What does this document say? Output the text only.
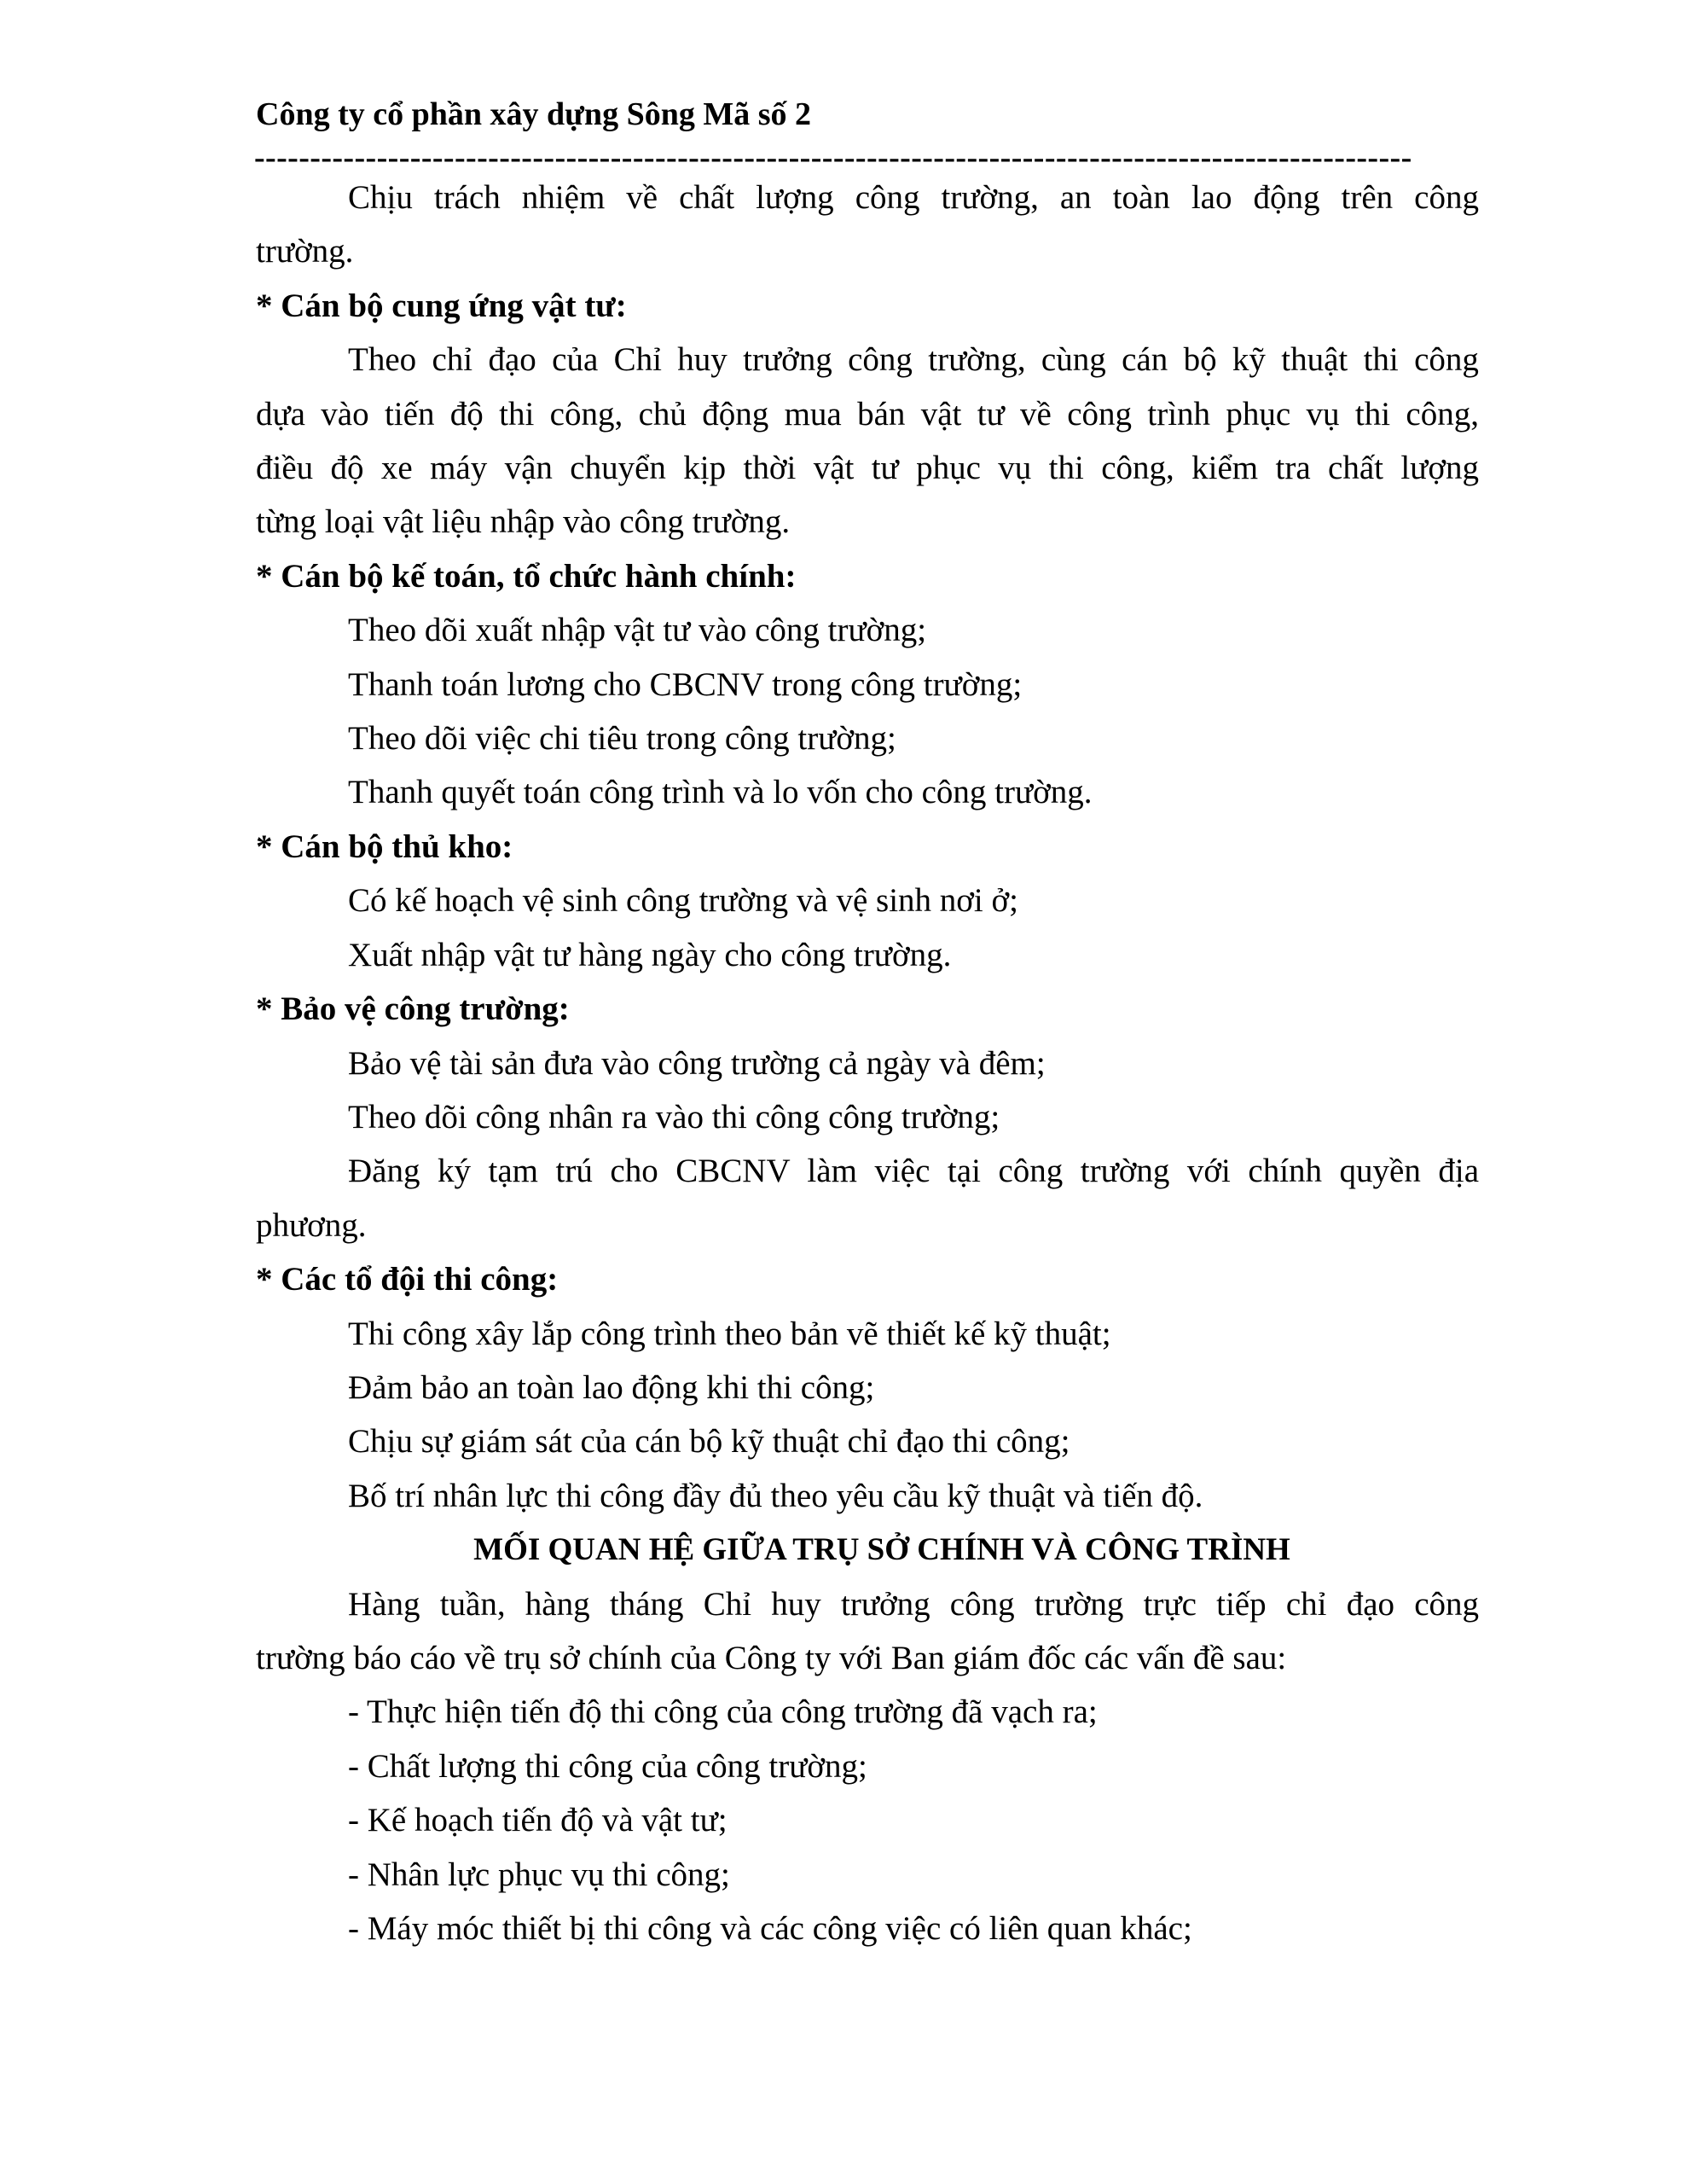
Công ty cổ phần xây dựng Sông Mã số 2
--------------------------------------------------------------------------------------------------------
Chịu trách nhiệm về chất lượng công trường, an toàn lao động trên công
trường.
* Cán bộ cung ứng vật tư:
Theo chỉ đạo của Chỉ huy trưởng công trường, cùng cán bộ kỹ thuật thi công
dựa vào tiến độ thi công, chủ động mua bán vật tư về công trình phục vụ thi công,
điều độ xe máy vận chuyển kịp thời vật tư phục vụ thi công, kiểm tra chất lượng
từng loại vật liệu nhập vào công trường.
* Cán bộ kế toán, tổ chức hành chính:
Theo dõi xuất nhập vật tư vào công trường;
Thanh toán lương cho CBCNV trong công trường;
Theo dõi việc chi tiêu trong công trường;
Thanh quyết toán công trình và lo vốn cho công trường.
* Cán bộ thủ kho:
Có kế hoạch vệ sinh công trường và vệ sinh nơi ở;
Xuất nhập vật tư hàng ngày cho công trường.
* Bảo vệ công trường:
Bảo vệ tài sản đưa vào công trường cả ngày và đêm;
Theo dõi công nhân ra vào thi công công trường;
Đăng ký tạm trú cho CBCNV làm việc tại công trường với chính quyền địa
phương.
* Các tổ đội thi công:
Thi công xây lắp công trình theo bản vẽ thiết kế kỹ thuật;
Đảm bảo an toàn lao động khi thi công;
Chịu sự giám sát của cán bộ kỹ thuật chỉ đạo thi công;
Bố trí nhân lực thi công đầy đủ theo yêu cầu kỹ thuật và tiến độ.
MỐI QUAN HỆ GIỮA TRỤ SỞ CHÍNH VÀ CÔNG TRÌNH
Hàng tuần, hàng tháng Chỉ huy trưởng công trường trực tiếp chỉ đạo công
trường báo cáo về trụ sở chính của Công ty với Ban giám đốc các vấn đề sau:
- Thực hiện tiến độ thi công của công trường đã vạch ra;
- Chất lượng thi công của công trường;
- Kế hoạch tiến độ và vật tư;
- Nhân lực phục vụ thi công;
- Máy móc thiết bị thi công và các công việc có liên quan khác;
